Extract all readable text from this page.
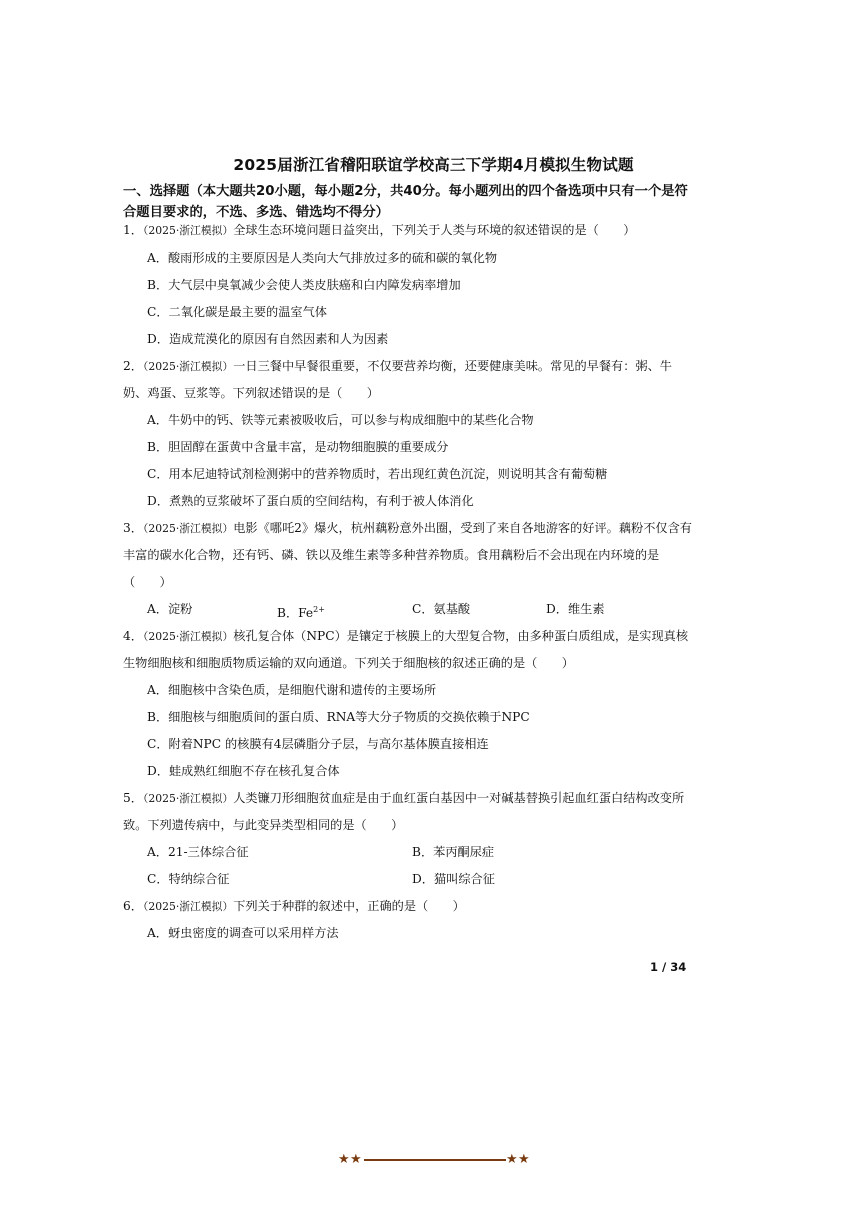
2025届浙江省稽阳联谊学校高三下学期4月模拟生物试题
一、选择题（本大题共20小题，每小题2分，共40分。每小题列出的四个备选项中只有一个是符合题目要求的，不选、多选、错选均不得分）
1．（2025·浙江模拟）全球生态环境问题日益突出，下列关于人类与环境的叙述错误的是（　　）
A．酸雨形成的主要原因是人类向大气排放过多的硫和碳的氧化物
B．大气层中臭氧减少会使人类皮肤癌和白内障发病率增加
C．二氧化碳是最主要的温室气体
D．造成荒漠化的原因有自然因素和人为因素
2．（2025·浙江模拟）一日三餐中早餐很重要，不仅要营养均衡，还要健康美味。常见的早餐有：粥、牛奶、鸡蛋、豆浆等。下列叙述错误的是（　　）
A．牛奶中的钙、铁等元素被吸收后，可以参与构成细胞中的某些化合物
B．胆固醇在蛋黄中含量丰富，是动物细胞膜的重要成分
C．用本尼迪特试剂检测粥中的营养物质时，若出现红黄色沉淀，则说明其含有葡萄糖
D．煮熟的豆浆破坏了蛋白质的空间结构，有利于被人体消化
3．（2025·浙江模拟）电影《哪吒2》爆火，杭州藕粉意外出圈，受到了来自各地游客的好评。藕粉不仅含有丰富的碳水化合物，还有钙、磷、铁以及维生素等多种营养物质。食用藕粉后不会出现在内环境的是（　　）
A．淀粉	B．$Fe^{2+}$	C．氨基酸	D．维生素
4．（2025·浙江模拟）核孔复合体（NPC）是镶定于核膜上的大型复合物，由多种蛋白质组成，是实现真核生物细胞核和细胞质物质运输的双向通道。下列关于细胞核的叙述正确的是（　　）
A．细胞核中含染色质，是细胞代谢和遗传的主要场所
B．细胞核与细胞质间的蛋白质、RNA等大分子物质的交换依赖于NPC
C．附着NPC 的核膜有4层磷脂分子层，与高尔基体膜直接相连
D．蛙成熟红细胞不存在核孔复合体
5．（2025·浙江模拟）人类镰刀形细胞贫血症是由于血红蛋白基因中一对碱基替换引起血红蛋白结构改变所致。下列遗传病中，与此变异类型相同的是（　　）
A．21-三体综合征	B．苯丙酮尿症
C．特纳综合征	D．猫叫综合征
6．（2025·浙江模拟）下列关于种群的叙述中，正确的是（　　）
A．蚜虫密度的调查可以采用样方法
1 / 34
★ ★	★ ★
